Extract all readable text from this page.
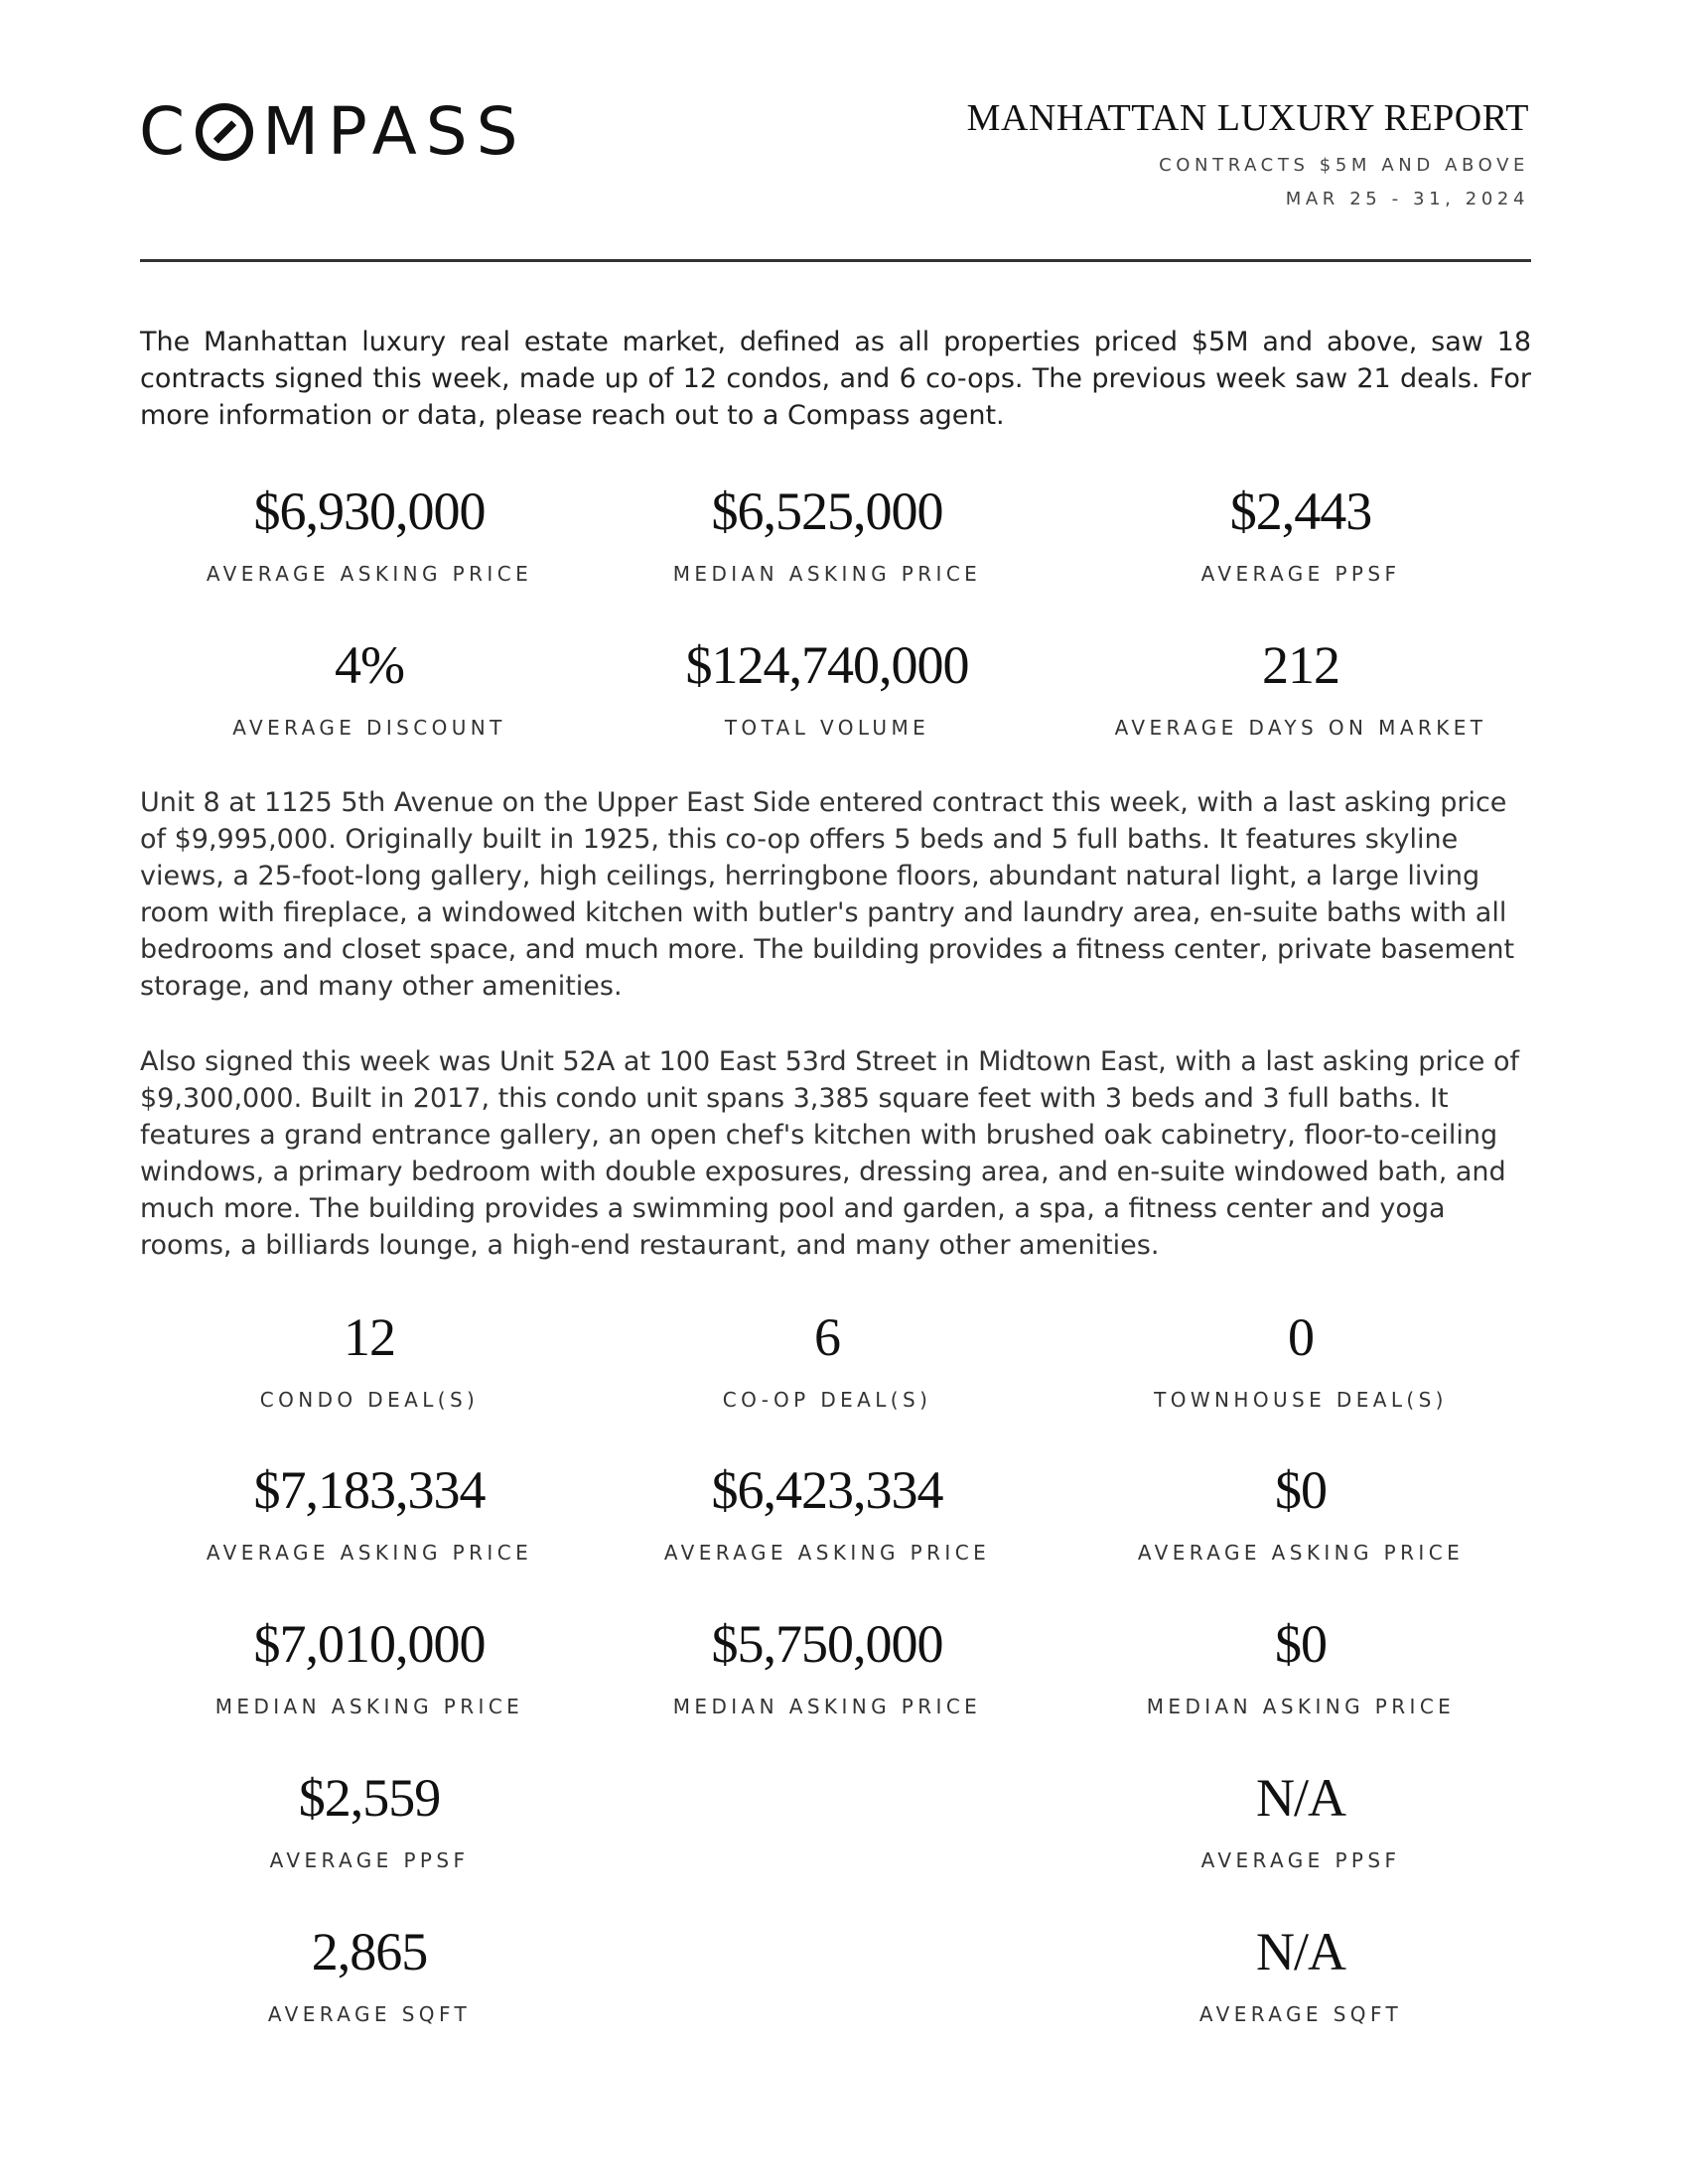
C MPASS	MANHATTAN LUXURY REPORT
CONTRACTS $5M AND ABOVE
MAR 25 - 31, 2024

The Manhattan luxury real estate market, defined as all properties priced $5M and above, saw 18 contracts signed this week, made up of 12 condos, and 6 co-ops. The previous week saw 21 deals. For more information or data, please reach out to a Compass agent.

$6,930,000
AVERAGE ASKING PRICE
$6,525,000
MEDIAN ASKING PRICE
$2,443
AVERAGE PPSF
4%
AVERAGE DISCOUNT
$124,740,000
TOTAL VOLUME
212
AVERAGE DAYS ON MARKET

Unit 8 at 1125 5th Avenue on the Upper East Side entered contract this week, with a last asking price of $9,995,000. Originally built in 1925, this co-op offers 5 beds and 5 full baths. It features skyline views, a 25-foot-long gallery, high ceilings, herringbone floors, abundant natural light, a large living room with fireplace, a windowed kitchen with butler's pantry and laundry area, en-suite baths with all bedrooms and closet space, and much more. The building provides a fitness center, private basement storage, and many other amenities.

Also signed this week was Unit 52A at 100 East 53rd Street in Midtown East, with a last asking price of $9,300,000. Built in 2017, this condo unit spans 3,385 square feet with 3 beds and 3 full baths. It features a grand entrance gallery, an open chef's kitchen with brushed oak cabinetry, floor-to-ceiling windows, a primary bedroom with double exposures, dressing area, and en-suite windowed bath, and much more. The building provides a swimming pool and garden, a spa, a fitness center and yoga rooms, a billiards lounge, a high-end restaurant, and many other amenities.

12
CONDO DEAL(S)
$7,183,334
AVERAGE ASKING PRICE
$7,010,000
MEDIAN ASKING PRICE
$2,559
AVERAGE PPSF
2,865
AVERAGE SQFT
6
CO-OP DEAL(S)
$6,423,334
AVERAGE ASKING PRICE
$5,750,000
MEDIAN ASKING PRICE
0
TOWNHOUSE DEAL(S)
$0
AVERAGE ASKING PRICE
$0
MEDIAN ASKING PRICE
N/A
AVERAGE PPSF
N/A
AVERAGE SQFT
